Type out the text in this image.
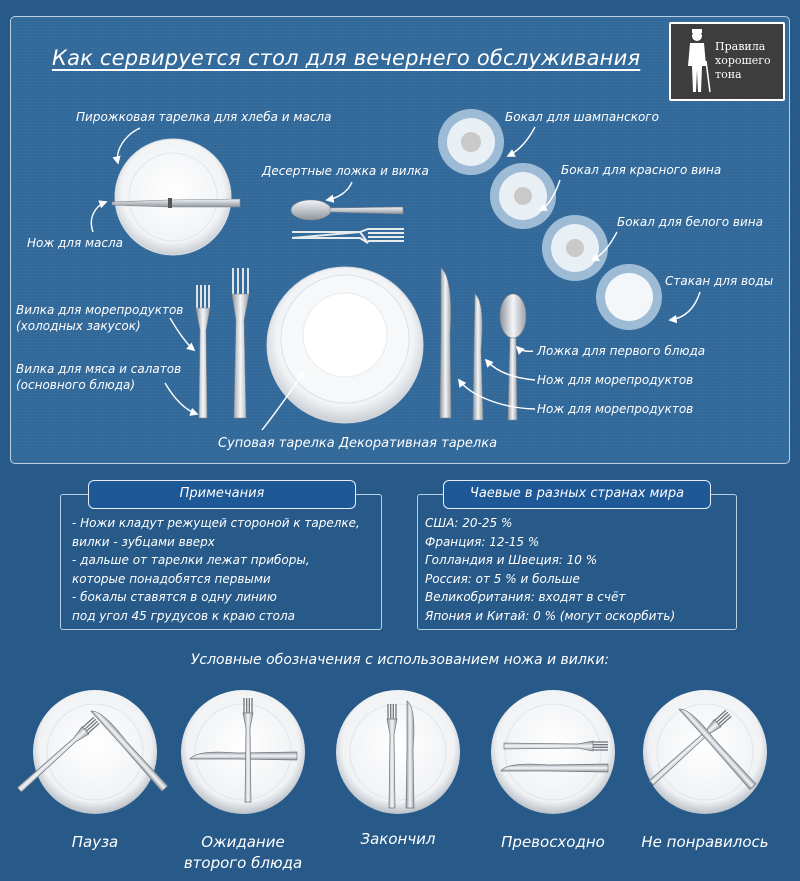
Как сервируется стол для вечернего обслуживания	Правила
хорошего
тона
Пирожковая тарелка для хлеба и масла
Нож для масла
Десертные ложка и вилка
Бокал для шампанского
Бокал для красного вина
Бокал для белого вина
Стакан для воды
Вилка для морепродуктов
(холодных закусок)
Вилка для мяса и салатов
(основного блюда)
Ложка для первого блюда
Нож для морепродуктов
Нож для морепродуктов
Суповая тарелка Декоративная тарелка
Примечания
- Ножи кладут режущей стороной к тарелке,
вилки - зубцами вверх
- дальше от тарелки лежат приборы,
которые понадобятся первыми
- бокалы ставятся в одну линию
под угол 45 грудусов к краю стола
Чаевые в разных странах мира
США: 20-25 %
Франция: 12-15 %
Голландия и Швеция: 10 %
Россия: от 5 % и больше
Великобритания: входят в счёт
Япония и Китай: 0 % (могут оскорбить)
Условные обозначения с использованием ножа и вилки:
Пауза	Ожидание
второго блюда
Закончил	Превосходно	Не понравилось
